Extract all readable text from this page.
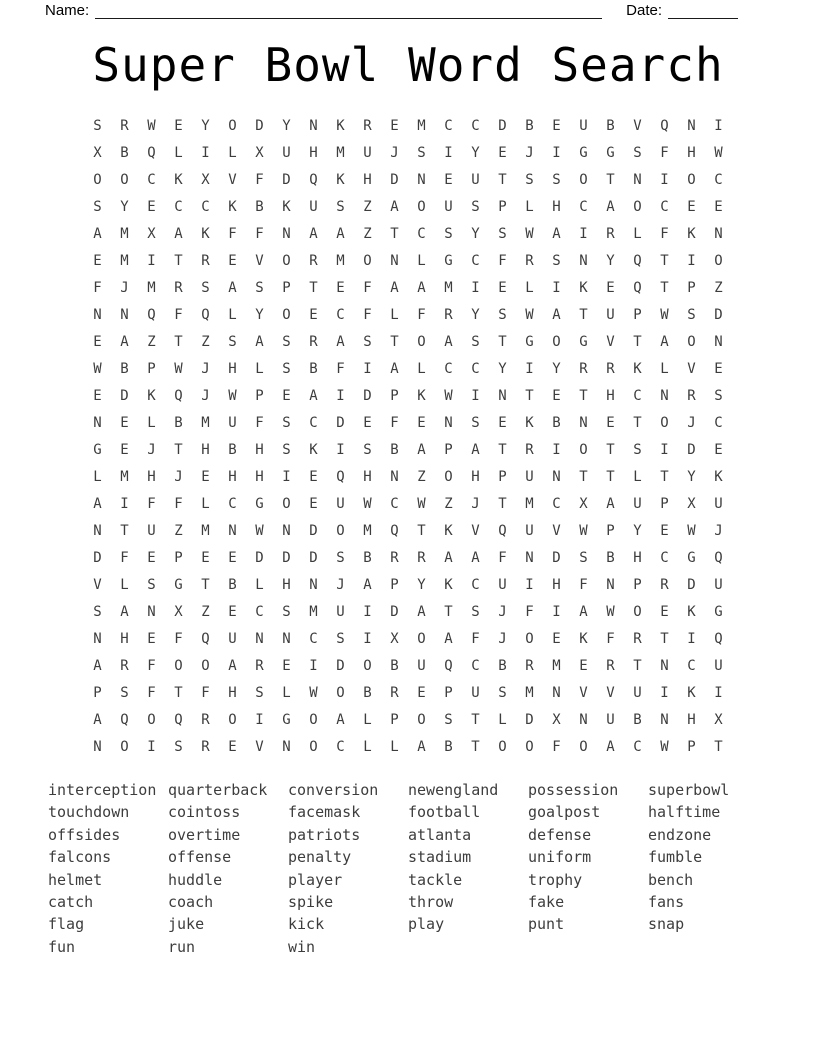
Name:	Date:
Super Bowl Word Search
S	R	W	E	Y	O	D	Y	N	K	R	E	M	C	C	D	B	E	U	B	V	Q	N	I
X	B	Q	L	I	L	X	U	H	M	U	J	S	I	Y	E	J	I	G	G	S	F	H	W
O	O	C	K	X	V	F	D	Q	K	H	D	N	E	U	T	S	S	O	T	N	I	O	C
S	Y	E	C	C	K	B	K	U	S	Z	A	O	U	S	P	L	H	C	A	O	C	E	E
A	M	X	A	K	F	F	N	A	A	Z	T	C	S	Y	S	W	A	I	R	L	F	K	N
E	M	I	T	R	E	V	O	R	M	O	N	L	G	C	F	R	S	N	Y	Q	T	I	O
F	J	M	R	S	A	S	P	T	E	F	A	A	M	I	E	L	I	K	E	Q	T	P	Z
N	N	Q	F	Q	L	Y	O	E	C	F	L	F	R	Y	S	W	A	T	U	P	W	S	D
E	A	Z	T	Z	S	A	S	R	A	S	T	O	A	S	T	G	O	G	V	T	A	O	N
W	B	P	W	J	H	L	S	B	F	I	A	L	C	C	Y	I	Y	R	R	K	L	V	E
E	D	K	Q	J	W	P	E	A	I	D	P	K	W	I	N	T	E	T	H	C	N	R	S
N	E	L	B	M	U	F	S	C	D	E	F	E	N	S	E	K	B	N	E	T	O	J	C
G	E	J	T	H	B	H	S	K	I	S	B	A	P	A	T	R	I	O	T	S	I	D	E
L	M	H	J	E	H	H	I	E	Q	H	N	Z	O	H	P	U	N	T	T	L	T	Y	K
A	I	F	F	L	C	G	O	E	U	W	C	W	Z	J	T	M	C	X	A	U	P	X	U
N	T	U	Z	M	N	W	N	D	O	M	Q	T	K	V	Q	U	V	W	P	Y	E	W	J
D	F	E	P	E	E	D	D	D	S	B	R	R	A	A	F	N	D	S	B	H	C	G	Q
V	L	S	G	T	B	L	H	N	J	A	P	Y	K	C	U	I	H	F	N	P	R	D	U
S	A	N	X	Z	E	C	S	M	U	I	D	A	T	S	J	F	I	A	W	O	E	K	G
N	H	E	F	Q	U	N	N	C	S	I	X	O	A	F	J	O	E	K	F	R	T	I	Q
A	R	F	O	O	A	R	E	I	D	O	B	U	Q	C	B	R	M	E	R	T	N	C	U
P	S	F	T	F	H	S	L	W	O	B	R	E	P	U	S	M	N	V	V	U	I	K	I
A	Q	O	Q	R	O	I	G	O	A	L	P	O	S	T	L	D	X	N	U	B	N	H	X
N	O	I	S	R	E	V	N	O	C	L	L	A	B	T	O	O	F	O	A	C	W	P	T
interception
touchdown
offsides
falcons
helmet
catch
flag
fun
quarterback
cointoss
overtime
offense
huddle
coach
juke
run
conversion
facemask
patriots
penalty
player
spike
kick
win
newengland
football
atlanta
stadium
tackle
throw
play
possession
goalpost
defense
uniform
trophy
fake
punt
superbowl
halftime
endzone
fumble
bench
fans
snap
